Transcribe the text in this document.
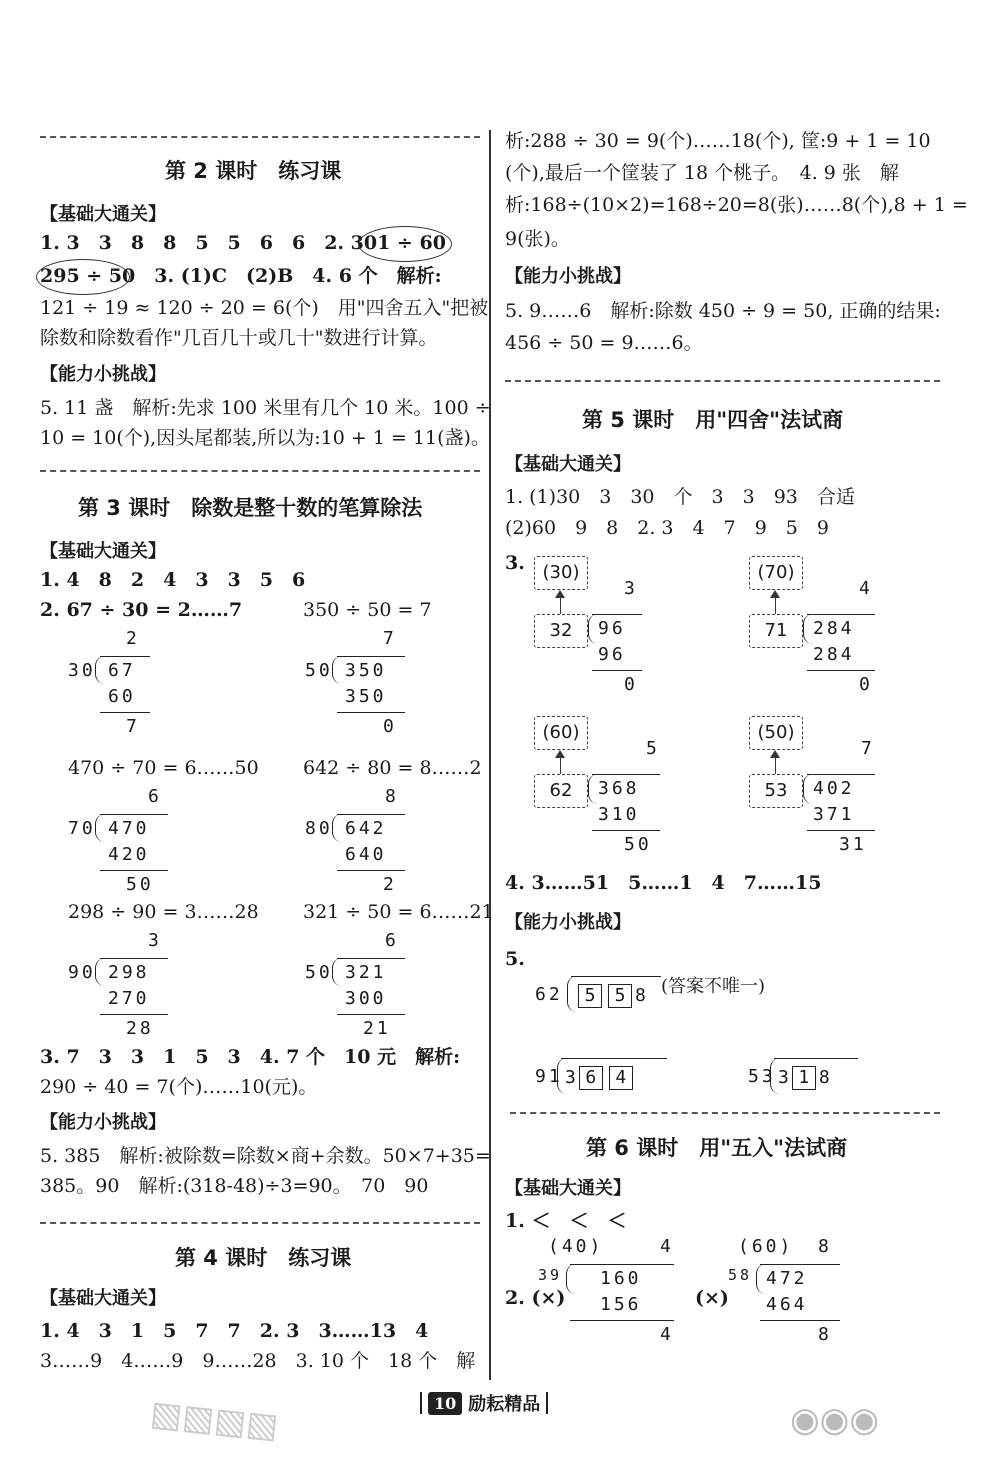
第 2 课时　练习课
【基础大通关】
1. 3　3　8　8　5　5　6　6　2. 301 ÷ 60
295 ÷ 50　3. (1)C　(2)B　4. 6 个　解析:
121 ÷ 19 ≈ 120 ÷ 20 = 6(个)　用"四舍五入"把被
除数和除数看作"几百几十或几十"数进行计算。
【能力小挑战】
5. 11 盏　解析:先求 100 米里有几个 10 米。100 ÷
10 = 10(个),因头尾都装,所以为:10 + 1 = 11(盏)。
第 3 课时　除数是整十数的笔算除法
【基础大通关】
1. 4　8　2　4　3　3　5　6
2. 67 ÷ 30 = 2……7	350 ÷ 50 = 7
2
30 67
60
7
7
50 350
350
0
470 ÷ 70 = 6……50 642 ÷ 80 = 8……2
6
70 470
420
50
8
80 642
640
2
298 ÷ 90 = 3……28 321 ÷ 50 = 6……21
3
90 298
270
28
6
50 321
300
21
3. 7　3　3　1　5　3　4. 7 个　10 元　解析:
290 ÷ 40 = 7(个)……10(元)。
【能力小挑战】
5. 385　解析:被除数=除数×商+余数。50×7+35=
385。90　解析:(318-48)÷3=90。　70　90
第 4 课时　练习课
【基础大通关】
1. 4　3　1　5　7　7　2. 3　3……13　4
3……9　4……9　9……28　3. 10 个　18 个　解
析:288 ÷ 30 = 9(个)……18(个), 筐:9 + 1 = 10
(个),最后一个筐装了 18 个桃子。　4. 9 张　解
析:168÷(10×2)=168÷20=8(张)……8(个),8 + 1 =
9(张)。
【能力小挑战】
5. 9……6　解析:除数 450 ÷ 9 = 50, 正确的结果:
456 ÷ 50 = 9……6。
第 5 课时　用"四舍"法试商
【基础大通关】
1. (1)30　3　30　个　3　3　93　合适
(2)60　9　8　2. 3　4　7　9　5　9
3. (30)
3
32	96
96
0
(70)
4
71	284
284
0
(60)
5
62	368
310
50
(50)
7
53	402
371
31
4. 3……51　5……1　4　7……15
【能力小挑战】
5.
62	5 5 8 (答案不唯一)
91 3 6 4	53 3 1 8
第 6 课时　用"五入"法试商
【基础大通关】
1. ＜　＜　＜
2. (×)
(40)	4
39 160
156
4
(×)
(60) 8
58 472
464
8
10 励耘精品
▧▧▧▧	◉◉◉
